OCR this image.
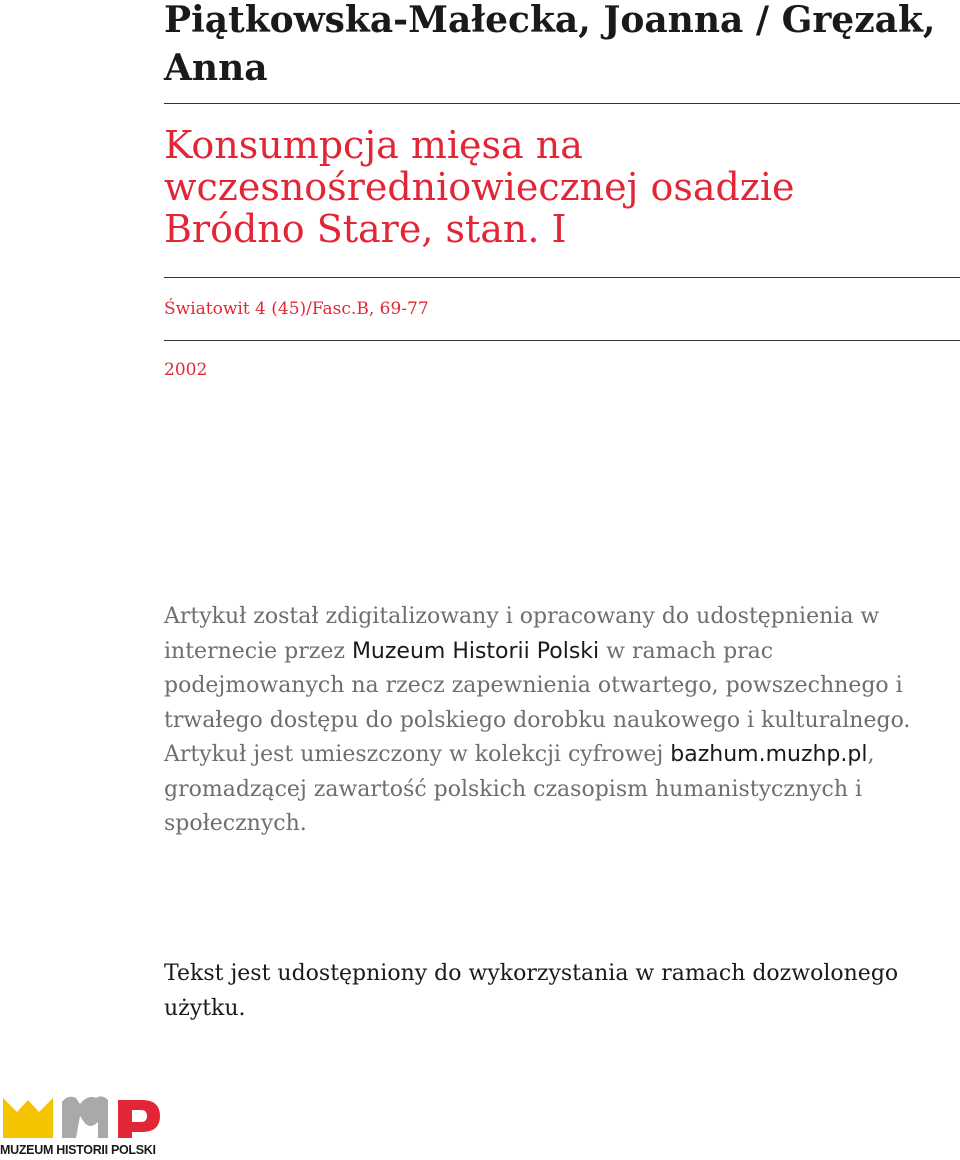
Piątkowska-Małecka, Joanna / Gręzak, Anna
Konsumpcja mięsa na wczesnośredniowiecznej osadzie Bródno Stare, stan. I
Światowit 4 (45)/Fasc.B, 69-77
2002

Artykuł został zdigitalizowany i opracowany do udostępnienia w internecie przez Muzeum Historii Polski w ramach prac podejmowanych na rzecz zapewnienia otwartego, powszechnego i trwałego dostępu do polskiego dorobku naukowego i kulturalnego. Artykuł jest umieszczony w kolekcji cyfrowej bazhum.muzhp.pl, gromadzącej zawartość polskich czasopism humanistycznych i społecznych.

Tekst jest udostępniony do wykorzystania w ramach dozwolonego użytku.

MUZEUM HISTORII POLSKI
